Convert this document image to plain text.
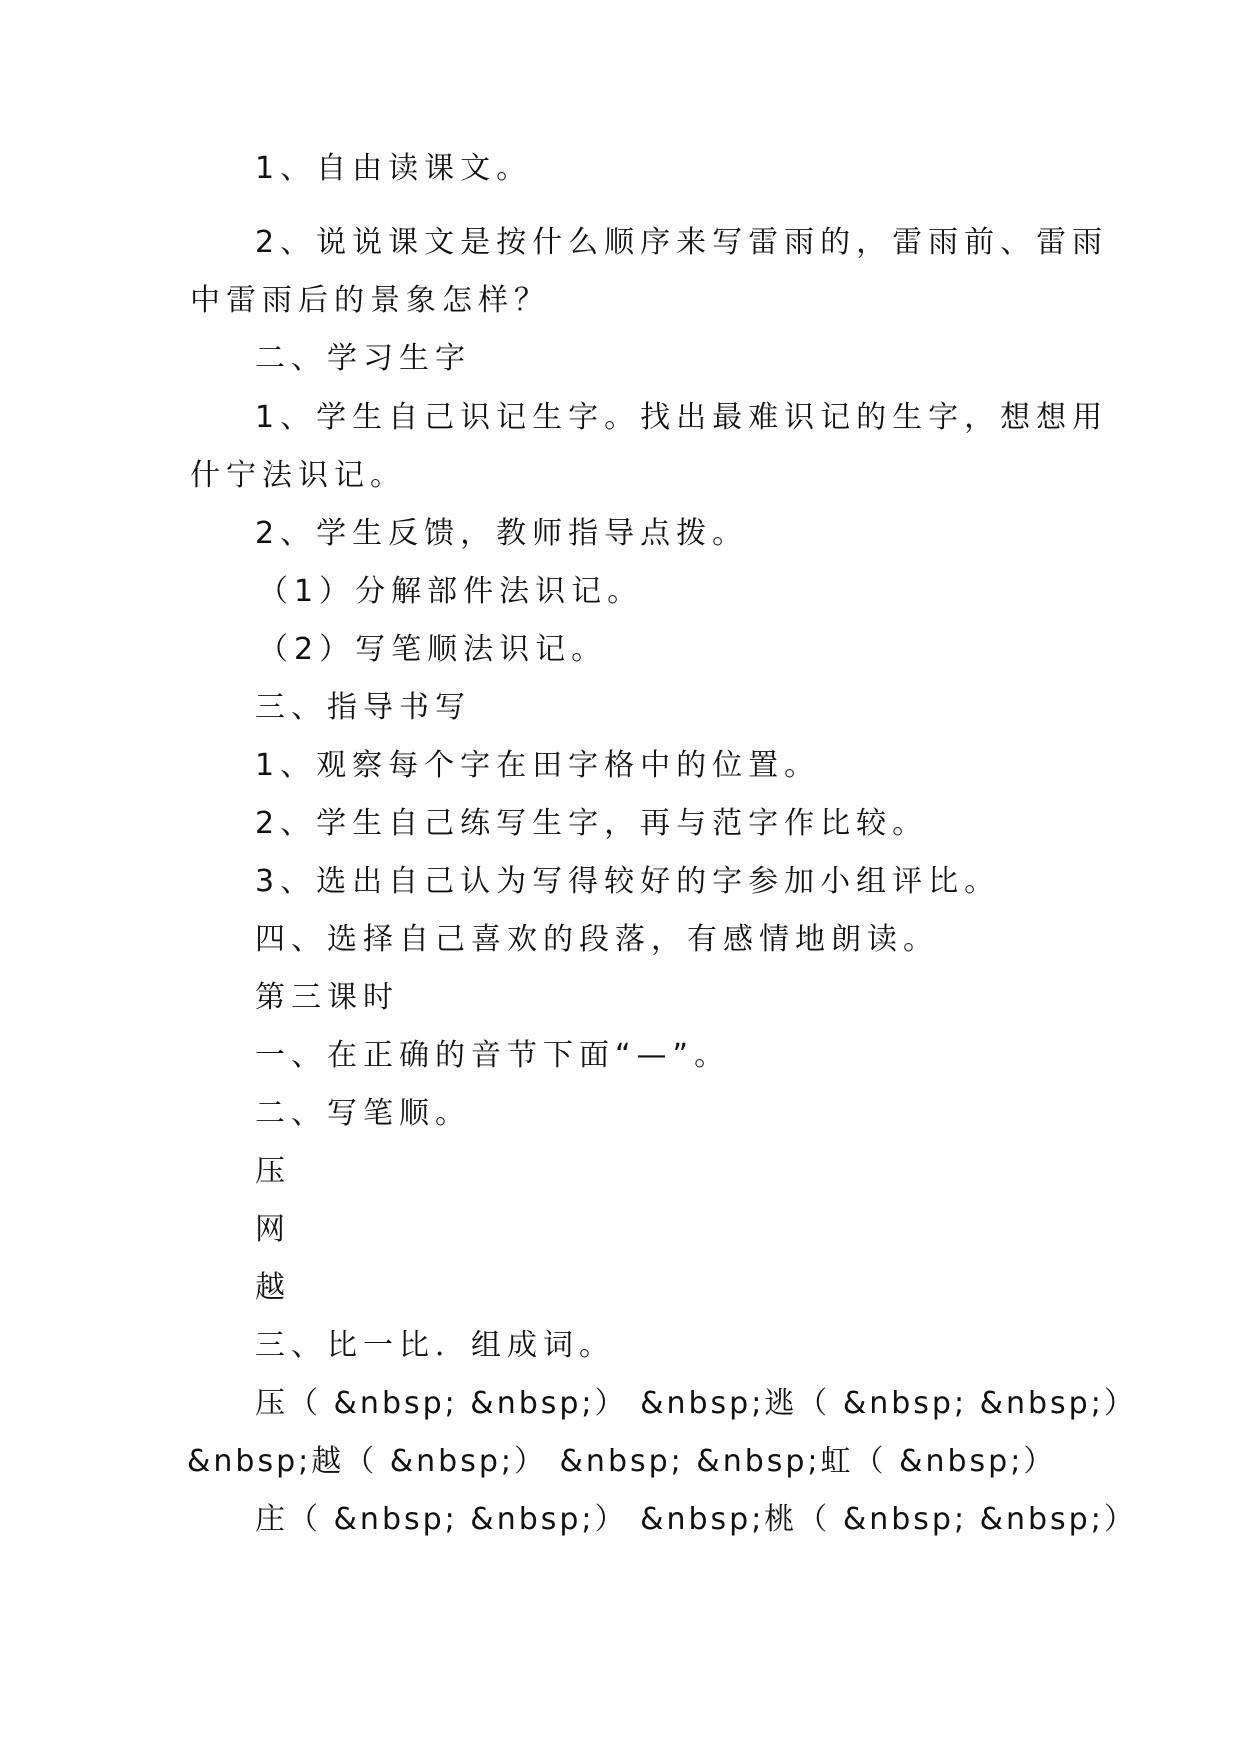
1、自由读课文。
2、说说课文是按什么顺序来写雷雨的，雷雨前、雷雨
中雷雨后的景象怎样？
二、学习生字
1、学生自己识记生字。找出最难识记的生字，想想用
什宁法识记。
2、学生反馈，教师指导点拨。
（1）分解部件法识记。
（2）写笔顺法识记。
三、指导书写
1、观察每个字在田字格中的位置。
2、学生自己练写生字，再与范字作比较。
3、选出自己认为写得较好的字参加小组评比。
四、选择自己喜欢的段落，有感情地朗读。
第三课时
一、在正确的音节下面“—”。
二、写笔顺。
压
网
越
三、比一比．组成词。
压（ &nbsp; &nbsp;） &nbsp;逃（ &nbsp; &nbsp;）
&nbsp;越（ &nbsp;） &nbsp; &nbsp;虹（ &nbsp;）
庄（ &nbsp; &nbsp;） &nbsp;桃（ &nbsp; &nbsp;）
